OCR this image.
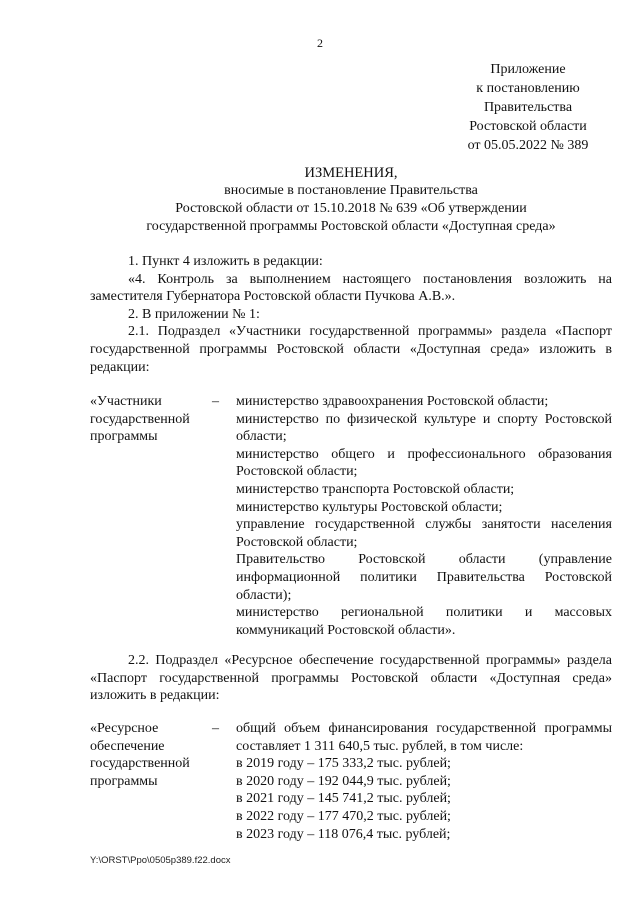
2
Приложение
к постановлению
Правительства
Ростовской области
от 05.05.2022 № 389
ИЗМЕНЕНИЯ,
вносимые в постановление Правительства
Ростовской области от 15.10.2018 № 639 «Об утверждении
государственной программы Ростовской области «Доступная среда»

1. Пункт 4 изложить в редакции:

«4. Контроль за выполнением настоящего постановления возложить на заместителя Губернатора Ростовской области Пучкова А.В.».

2. В приложении № 1:

2.1. Подраздел «Участники государственной программы» раздела «Паспорт государственной программы Ростовской области «Доступная среда» изложить в редакции:

«Участники
государственной
программы
– министерство здравоохранения Ростовской области;

министерство по физической культуре и спорту Ростовской области;

министерство общего и профессионального образования Ростовской области;

министерство транспорта Ростовской области;

министерство культуры Ростовской области;

управление государственной службы занятости населения Ростовской области;

Правительство Ростовской области (управление информационной политики Правительства Ростовской области);

министерство региональной политики и массовых коммуникаций Ростовской области».

2.2. Подраздел «Ресурсное обеспечение государственной программы» раздела «Паспорт государственной программы Ростовской области «Доступная среда» изложить в редакции:

«Ресурсное
обеспечение
государственной
программы
– общий объем финансирования государственной программы составляет 1 311 640,5 тыс. рублей, в том числе:

в 2019 году – 175 333,2 тыс. рублей;

в 2020 году – 192 044,9 тыс. рублей;

в 2021 году – 145 741,2 тыс. рублей;

в 2022 году – 177 470,2 тыс. рублей;

в 2023 году – 118 076,4 тыс. рублей;

Y:\ORST\Ppo\0505p389.f22.docx
